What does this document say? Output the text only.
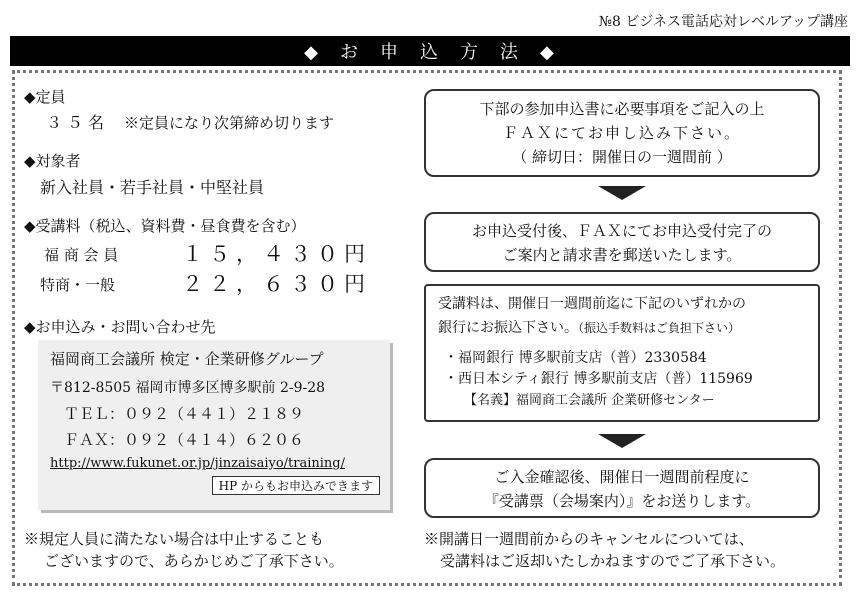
№8 ビジネス電話応対レベルアップ講座
◆　お　申　込　方　法　◆
◆定員
３５名 ※定員になり次第締め切ります
◆対象者
新入社員・若手社員・中堅社員
◆受講料（税込、資料費・昼食費を含む）
福 商 会 員	１５，４３０円
特商・一般	２２，６３０円
◆お申込み・お問い合わせ先
福岡商工会議所 検定・企業研修グループ
〒812-8505 福岡市博多区博多駅前 2-9-28
ＴＥＬ：０９２（４４１）２１８９
ＦＡＸ：０９２（４１４）６２０６
http://www.fukunet.or.jp/jinzaisaiyo/training/
HP からもお申込みできます
※規定人員に満たない場合は中止することも
ございますので、あらかじめご了承下さい。
下部の参加申込書に必要事項をご記入の上
ＦＡＸにてお申し込み下さい。
（ 締切日：開催日の一週間前 ）
お申込受付後、ＦＡＸにてお申込受付完了の
ご案内と請求書を郵送いたします。
受講料は、開催日一週間前迄に下記のいずれかの
銀行にお振込下さい。（振込手数料はご負担下さい）
・福岡銀行 博多駅前支店（普）2330584
・西日本シティ銀行 博多駅前支店（普）115969
【名義】福岡商工会議所 企業研修センター
ご入金確認後、開催日一週間前程度に
『受講票（会場案内）』をお送りします。
※開講日一週間前からのキャンセルについては、
受講料はご返却いたしかねますのでご了承下さい。
